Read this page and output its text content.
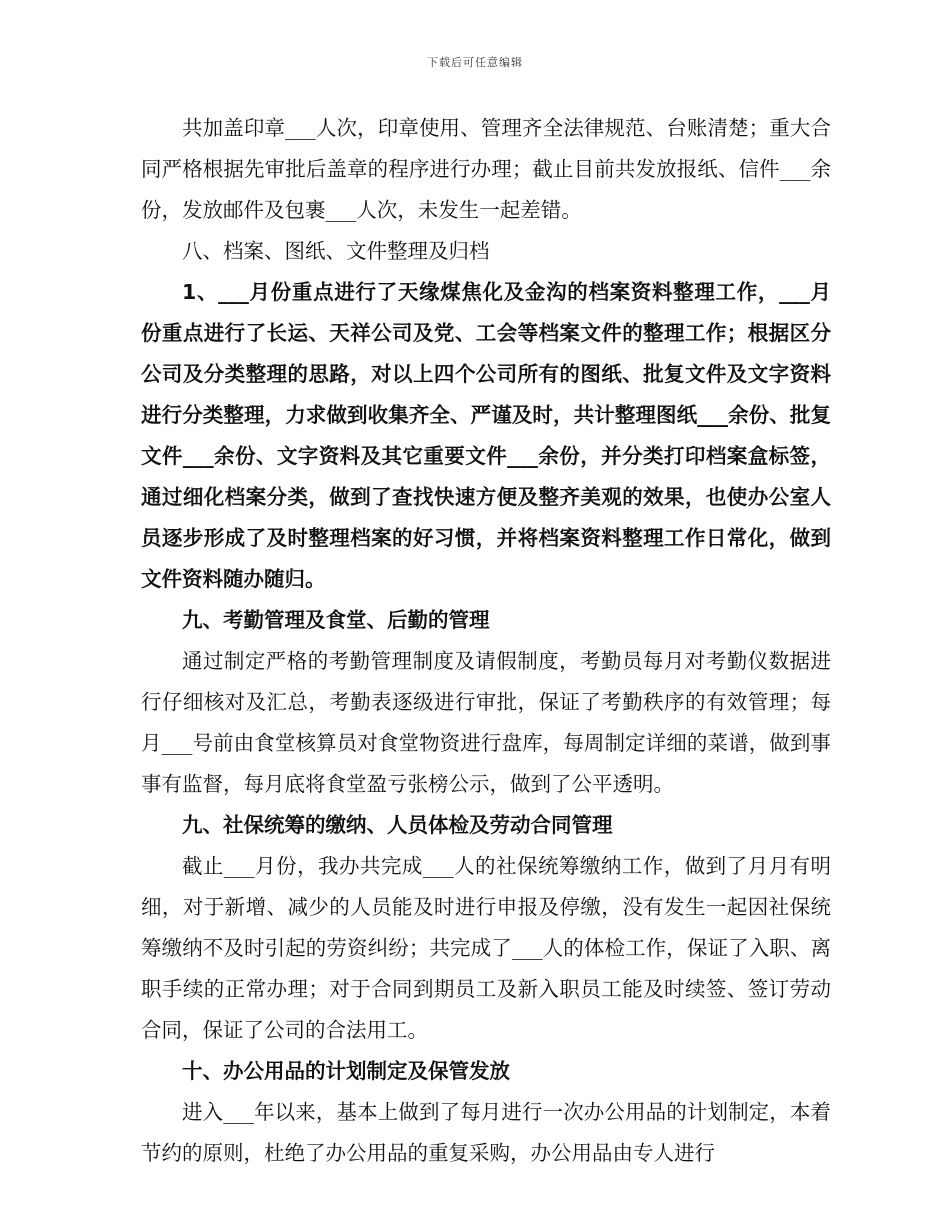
下载后可任意编辑

共加盖印章___人次，印章使用、管理齐全法律规范、台账清楚；重大合同严格根据先审批后盖章的程序进行办理；截止目前共发放报纸、信件___余份，发放邮件及包裹___人次，未发生一起差错。

八、档案、图纸、文件整理及归档

1、___月份重点进行了天缘煤焦化及金沟的档案资料整理工作，___月份重点进行了长运、天祥公司及党、工会等档案文件的整理工作；根据区分公司及分类整理的思路，对以上四个公司所有的图纸、批复文件及文字资料进行分类整理，力求做到收集齐全、严谨及时，共计整理图纸___余份、批复文件___余份、文字资料及其它重要文件___余份，并分类打印档案盒标签，通过细化档案分类，做到了查找快速方便及整齐美观的效果，也使办公室人员逐步形成了及时整理档案的好习惯，并将档案资料整理工作日常化，做到文件资料随办随归。

九、考勤管理及食堂、后勤的管理

通过制定严格的考勤管理制度及请假制度，考勤员每月对考勤仪数据进行仔细核对及汇总，考勤表逐级进行审批，保证了考勤秩序的有效管理；每月___号前由食堂核算员对食堂物资进行盘库，每周制定详细的菜谱，做到事事有监督，每月底将食堂盈亏张榜公示，做到了公平透明。

九、社保统筹的缴纳、人员体检及劳动合同管理

截止___月份，我办共完成___人的社保统筹缴纳工作，做到了月月有明细，对于新增、减少的人员能及时进行申报及停缴，没有发生一起因社保统筹缴纳不及时引起的劳资纠纷；共完成了___人的体检工作，保证了入职、离职手续的正常办理；对于合同到期员工及新入职员工能及时续签、签订劳动合同，保证了公司的合法用工。

十、办公用品的计划制定及保管发放

进入___年以来，基本上做到了每月进行一次办公用品的计划制定，本着节约的原则，杜绝了办公用品的重复采购，办公用品由专人进行
